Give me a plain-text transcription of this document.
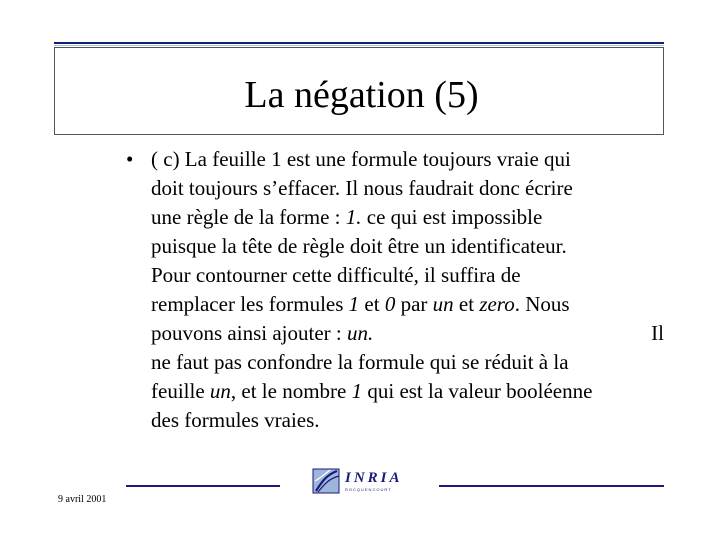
La négation (5)
• ( c) La feuille 1 est une formule toujours vraie qui
doit toujours s’effacer. Il nous faudrait donc écrire
une règle de la forme : 1. ce qui est impossible
puisque la tête de règle doit être un identificateur.
Pour contourner cette difficulté, il suffira de
remplacer les formules 1 et 0 par un et zero. Nous
pouvons ainsi ajouter : un.	Il
ne faut pas confondre la formule qui se réduit à la
feuille un, et le nombre 1 qui est la valeur booléenne
des formules vraies.
INRIA
ROCQUENCOURT
9 avril 2001
